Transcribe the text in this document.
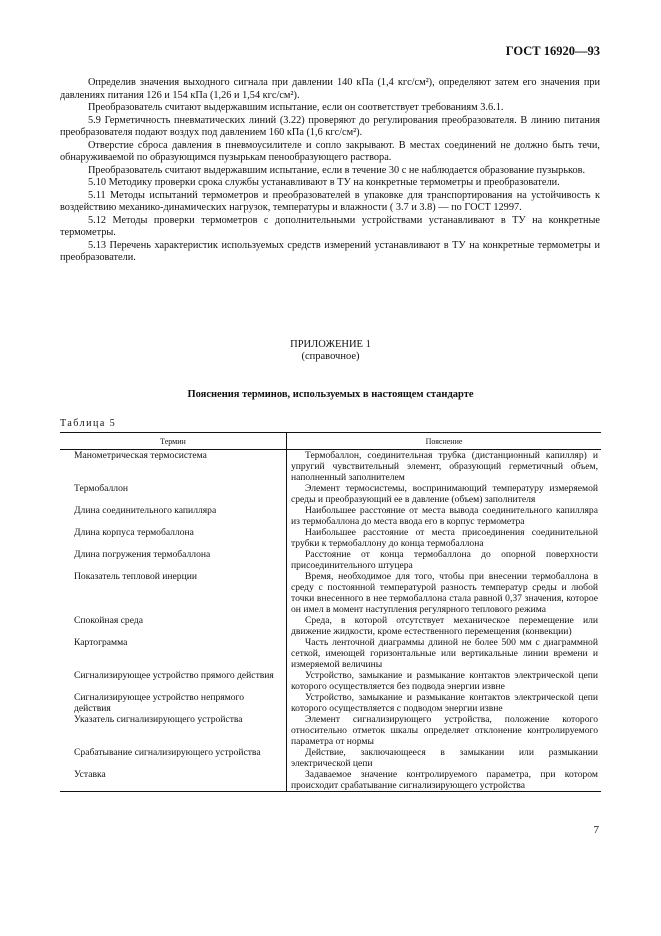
ГОСТ 16920—93

Определив значения выходного сигнала при давлении 140 кПа (1,4 кгс/см²), определяют затем его значения при давлениях питания 126 и 154 кПа (1,26 и 1,54 кгс/см²).

Преобразователь считают выдержавшим испытание, если он соответствует требованиям 3.6.1.

5.9 Герметичность пневматических линий (3.22) проверяют до регулирования преобразователя. В линию питания преобразователя подают воздух под давлением 160 кПа (1,6 кгс/см²).

Отверстие сброса давления в пневмоусилителе и сопло закрывают. В местах соединений не должно быть течи, обнаруживаемой по образующимся пузырькам пенообразующего раствора.

Преобразователь считают выдержавшим испытание, если в течение 30 с не наблюдается образование пузырьков.

5.10 Методику проверки срока службы устанавливают в ТУ на конкретные термометры и преобразователи.

5.11 Методы испытаний термометров и преобразователей в упаковке для транспортирования на устойчивость к воздействию механико-динамических нагрузок, температуры и влажности ( 3.7 и 3.8) — по ГОСТ 12997.

5.12 Методы проверки термометров с дополнительными устройствами устанавливают в ТУ на конкретные термометры.

5.13 Перечень характеристик используемых средств измерений устанавливают в ТУ на конкретные термометры и преобразователи.

ПРИЛОЖЕНИЕ 1
(справочное)
Пояснения терминов, используемых в настоящем стандарте
Таблица 5
Термин	Пояснение
Манометрическая термосистема	Термобаллон, соединительная трубка (дистанционный капилляр) и упругий чувствительный элемент, образующий герметичный объем, наполненный заполнителем
Термобаллон	Элемент термосистемы, воспринимающий температуру измеряемой среды и преобразующий ее в давление (объем) заполнителя
Длина соединительного капилляра	Наибольшее расстояние от места вывода соединительного капилляра из термобаллона до места ввода его в корпус термометра
Длина корпуса термобаллона	Наибольшее расстояние от места присоединения соединительной трубки к термобаллону до конца термобаллона
Длина погружения термобаллона	Расстояние от конца термобаллона до опорной поверхности присоединительного штуцера
Показатель тепловой инерции	Время, необходимое для того, чтобы при внесении термобаллона в среду с постоянной температурой разность температур среды и любой точки внесенного в нее термобаллона стала равной 0,37 значения, которое он имел в момент наступления регулярного теплового режима
Спокойная среда	Среда, в которой отсутствует механическое перемещение или движение жидкости, кроме естественного перемещения (конвекции)
Картограмма	Часть ленточной диаграммы длиной не более 500 мм с диаграммной сеткой, имеющей горизонтальные или вертикальные линии времени и измеряемой величины
Сигнализирующее устройство прямого действия	Устройство, замыкание и размыкание контактов электрической цепи которого осуществляется без подвода энергии извне
Сигнализирующее устройство непрямого действия	Устройство, замыкание и размыкание контактов электрической цепи которого осуществляется с подводом энергии извне
Указатель сигнализирующего устройства	Элемент сигнализирующего устройства, положение которого относительно отметок шкалы определяет отклонение контролируемого параметра от нормы
Срабатывание сигнализирующего устройства	Действие, заключающееся в замыкании или размыкании электрической цепи
Уставка	Задаваемое значение контролируемого параметра, при котором происходит срабатывание сигнализирующего устройства
7
